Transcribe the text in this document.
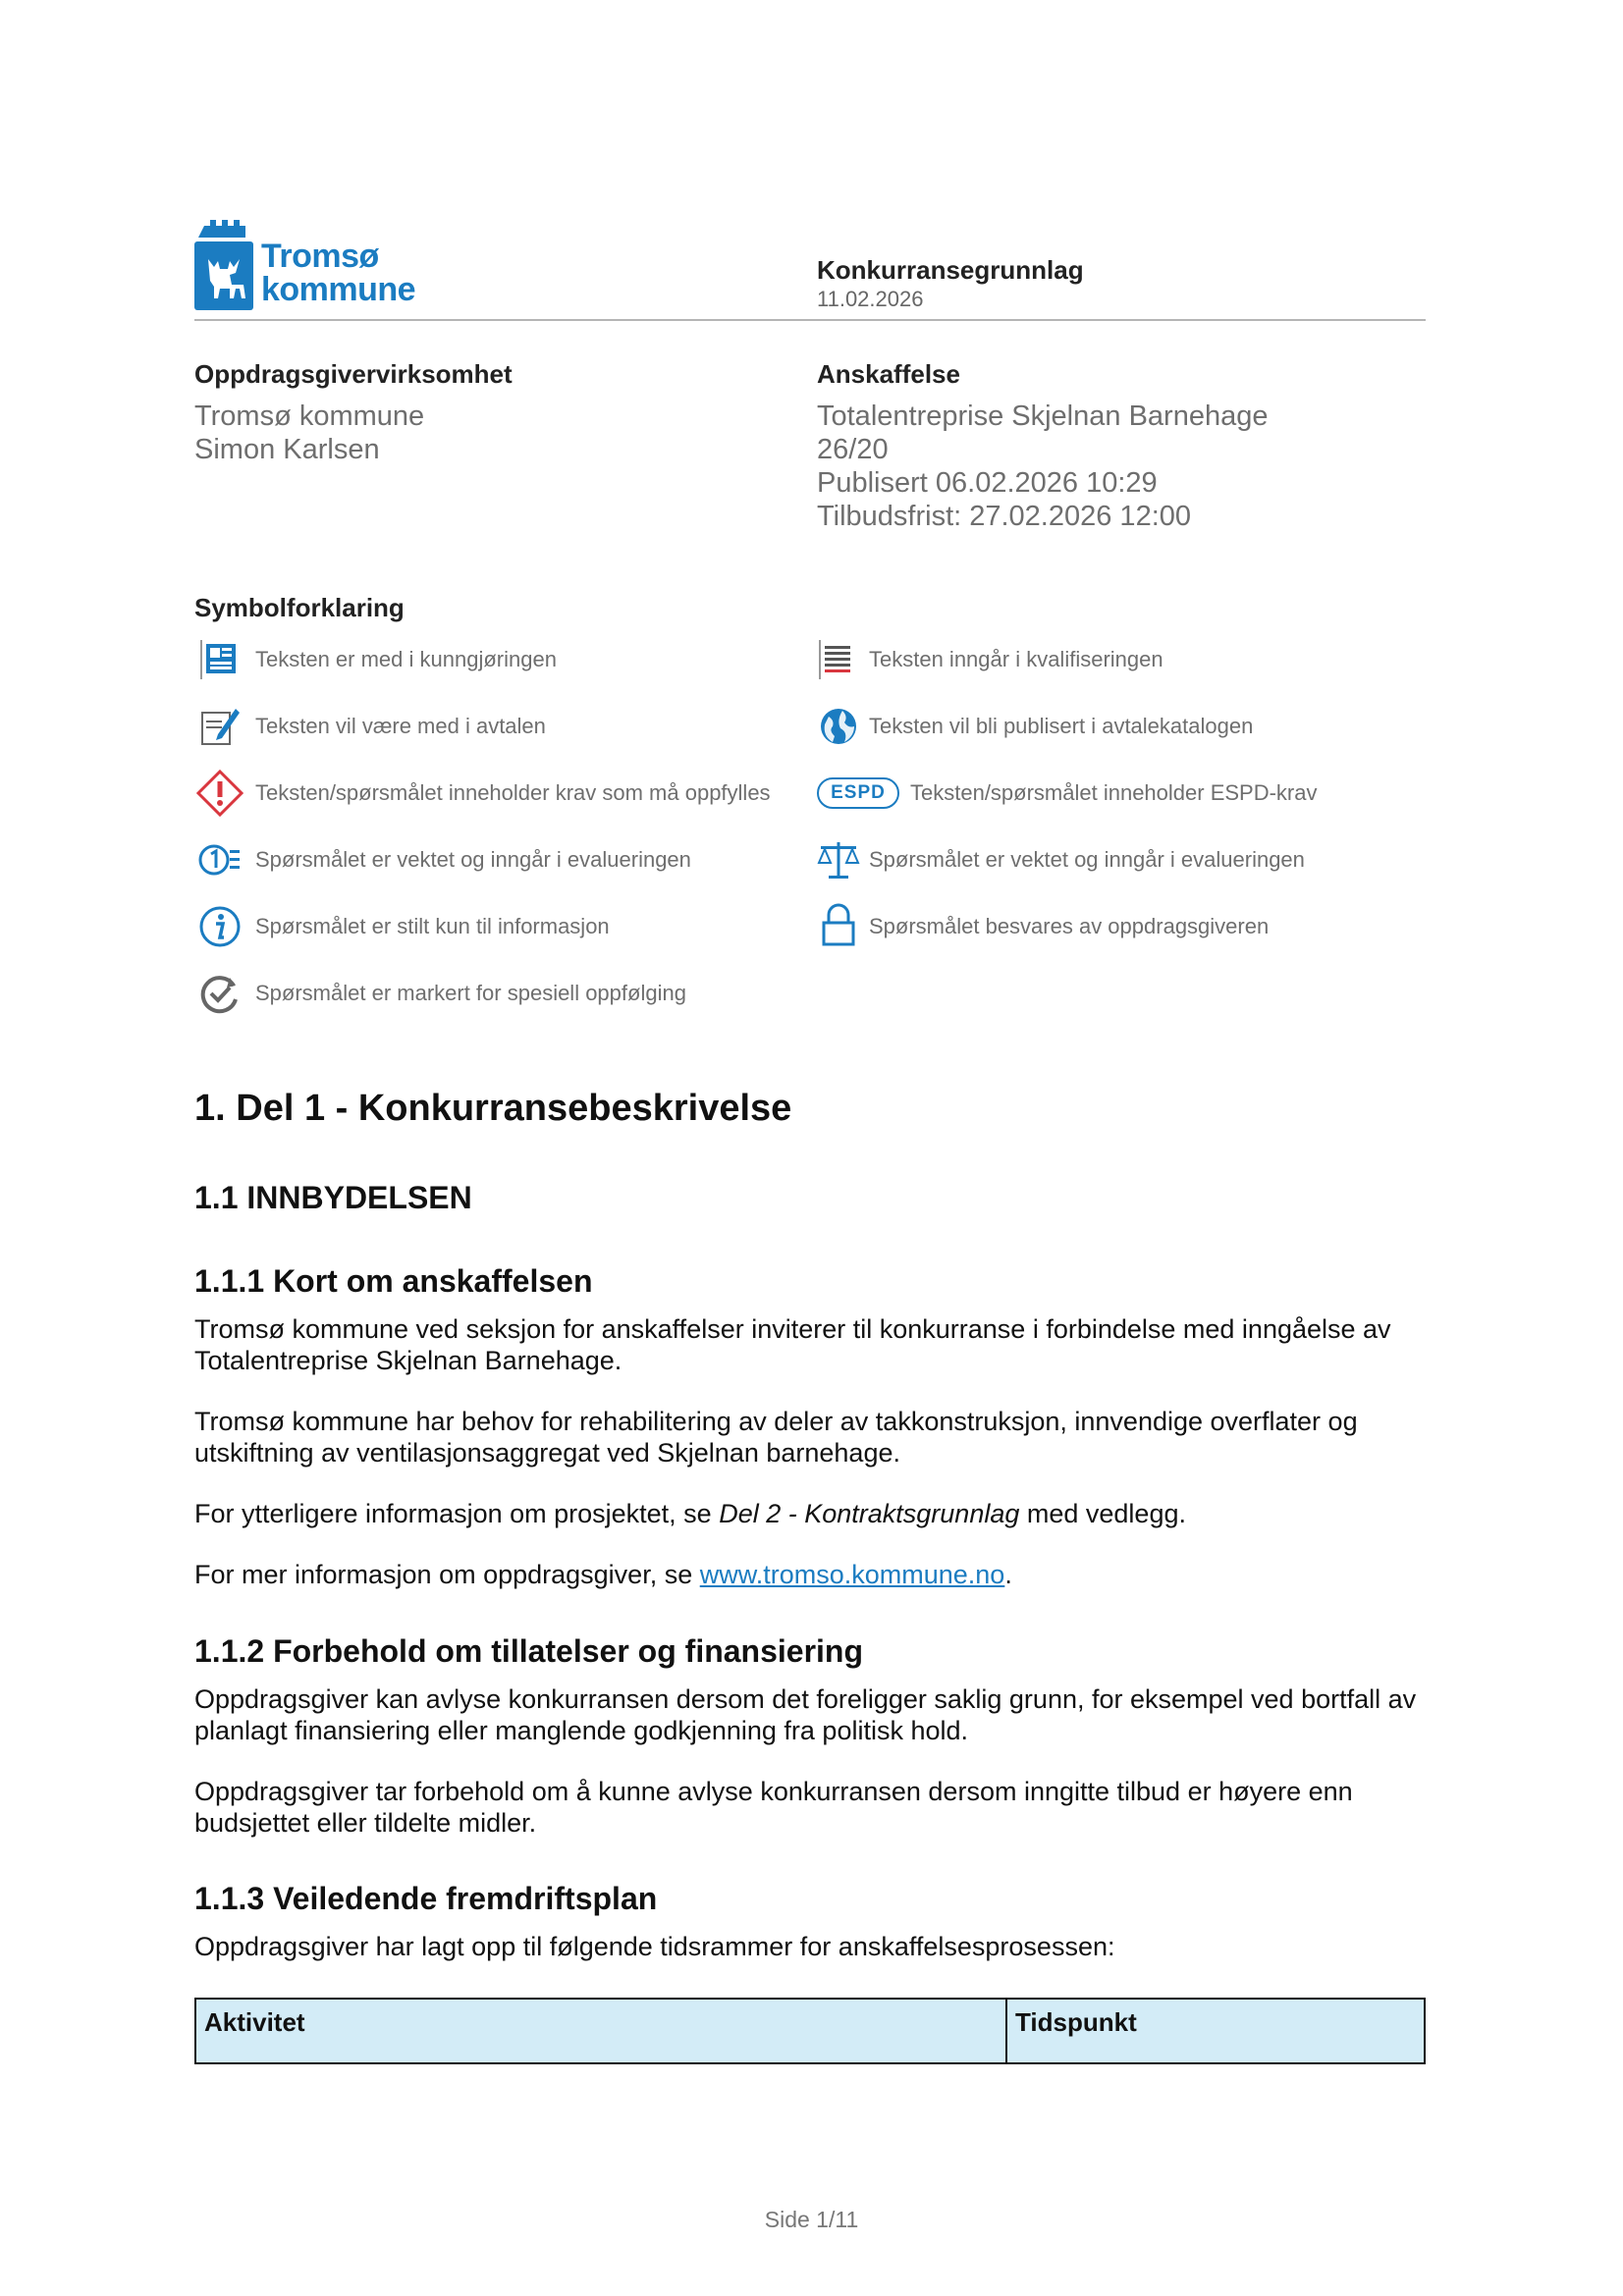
Tromsø
kommune
Konkurransegrunnlag
11.02.2026
Oppdragsgivervirksomhet
Tromsø kommune
Simon Karlsen
Anskaffelse
Totalentreprise Skjelnan Barnehage
26/20
Publisert 06.02.2026 10:29
Tilbudsfrist: 27.02.2026 12:00
Symbolforklaring
Teksten er med i kunngjøringen	Teksten inngår i kvalifiseringen
Teksten vil være med i avtalen	Teksten vil bli publisert i avtalekatalogen
Teksten/spørsmålet inneholder krav som må oppfylles	ESPD	Teksten/spørsmålet inneholder ESPD-krav
Spørsmålet er vektet og inngår i evalueringen	Spørsmålet er vektet og inngår i evalueringen
Spørsmålet er stilt kun til informasjon	Spørsmålet besvares av oppdragsgiveren
Spørsmålet er markert for spesiell oppfølging
1. Del 1 - Konkurransebeskrivelse
1.1 INNBYDELSEN
1.1.1 Kort om anskaffelsen
Tromsø kommune ved seksjon for anskaffelser inviterer til konkurranse i forbindelse med inngåelse av Totalentreprise Skjelnan Barnehage.
Tromsø kommune har behov for rehabilitering av deler av takkonstruksjon, innvendige overflater og utskiftning av ventilasjonsaggregat ved Skjelnan barnehage.
For ytterligere informasjon om prosjektet, se Del 2 - Kontraktsgrunnlag med vedlegg.
For mer informasjon om oppdragsgiver, se www.tromso.kommune.no.
1.1.2 Forbehold om tillatelser og finansiering
Oppdragsgiver kan avlyse konkurransen dersom det foreligger saklig grunn, for eksempel ved bortfall av planlagt finansiering eller manglende godkjenning fra politisk hold.
Oppdragsgiver tar forbehold om å kunne avlyse konkurransen dersom inngitte tilbud er høyere enn budsjettet eller tildelte midler.
1.1.3 Veiledende fremdriftsplan
Oppdragsgiver har lagt opp til følgende tidsrammer for anskaffelsesprosessen:
Aktivitet	Tidspunkt
Side 1/11
